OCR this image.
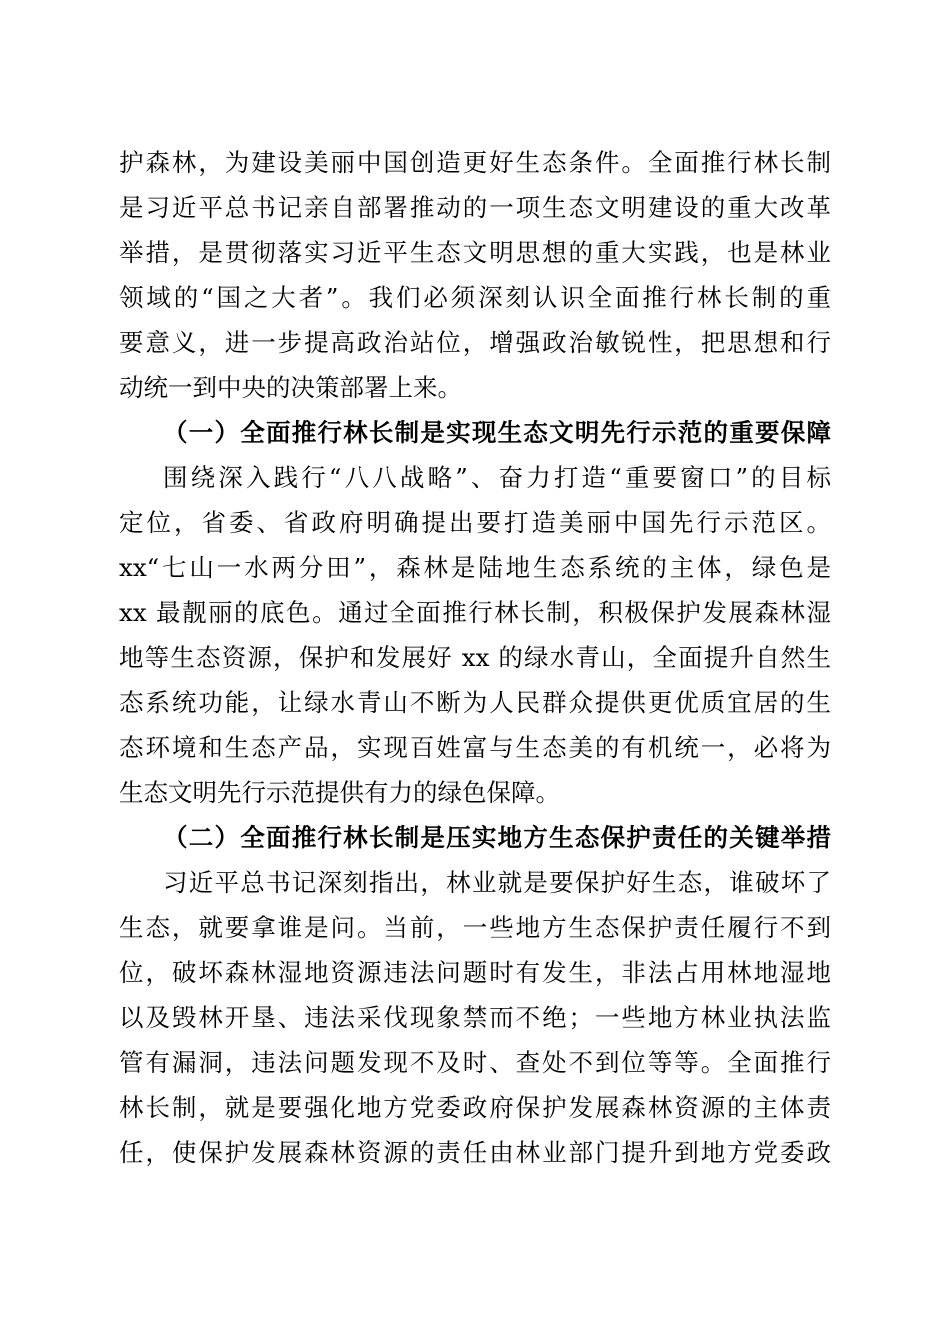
护森林，为建设美丽中国创造更好生态条件。全面推行林长制
是习近平总书记亲自部署推动的一项生态文明建设的重大改革
举措，是贯彻落实习近平生态文明思想的重大实践，也是林业
领域的“国之大者”。我们必须深刻认识全面推行林长制的重
要意义，进一步提高政治站位，增强政治敏锐性，把思想和行
动统一到中央的决策部署上来。
（一）全面推行林长制是实现生态文明先行示范的重要保障
围绕深入践行“八八战略”、奋力打造“重要窗口”的目标
定位，省委、省政府明确提出要打造美丽中国先行示范区。
xx“七山一水两分田”，森林是陆地生态系统的主体，绿色是
xx 最靓丽的底色。通过全面推行林长制，积极保护发展森林湿
地等生态资源，保护和发展好 xx 的绿水青山，全面提升自然生
态系统功能，让绿水青山不断为人民群众提供更优质宜居的生
态环境和生态产品，实现百姓富与生态美的有机统一，必将为
生态文明先行示范提供有力的绿色保障。
（二）全面推行林长制是压实地方生态保护责任的关键举措
习近平总书记深刻指出，林业就是要保护好生态，谁破坏了
生态，就要拿谁是问。当前，一些地方生态保护责任履行不到
位，破坏森林湿地资源违法问题时有发生，非法占用林地湿地
以及毁林开垦、违法采伐现象禁而不绝；一些地方林业执法监
管有漏洞，违法问题发现不及时、查处不到位等等。全面推行
林长制，就是要强化地方党委政府保护发展森林资源的主体责
任，使保护发展森林资源的责任由林业部门提升到地方党委政
